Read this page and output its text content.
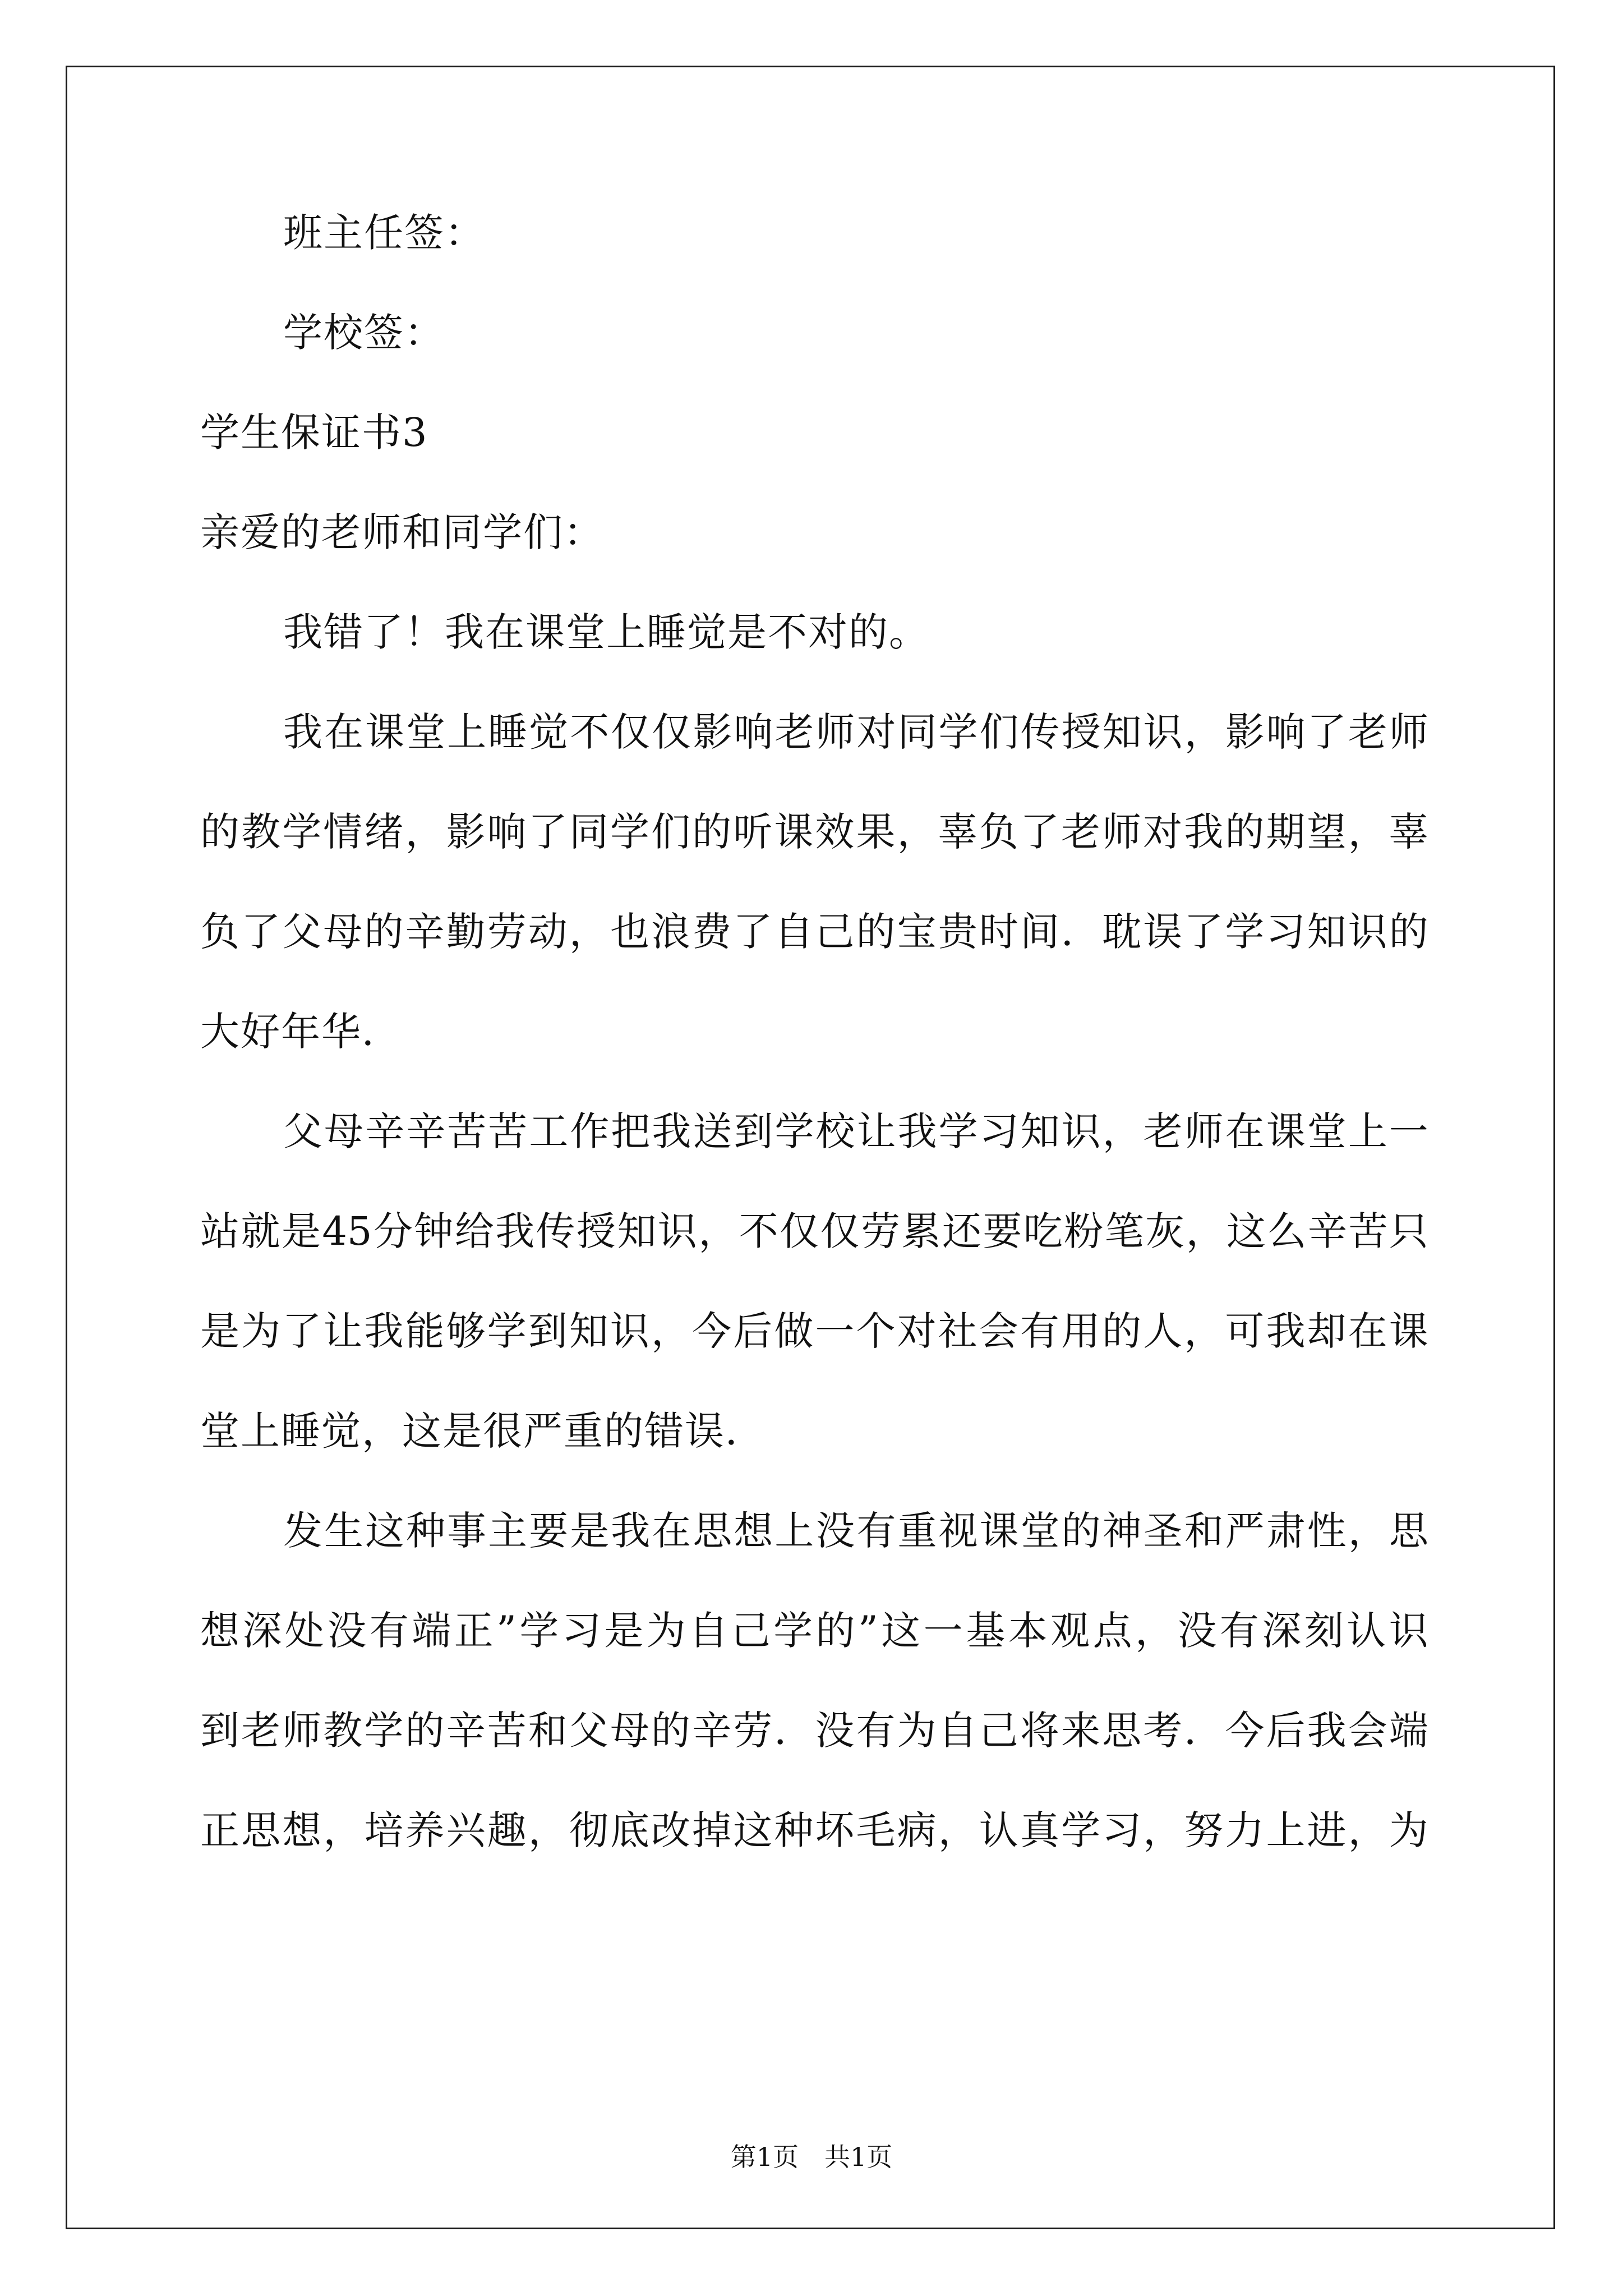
班主任签：
学校签：
学生保证书3
亲爱的老师和同学们：
我错了！我在课堂上睡觉是不对的。
我 在 课 堂 上 睡 觉 不 仅 仅 影 响 老 师 对 同 学 们 传 授 知 识 ， 影 响 了 老 师
的 教 学 情 绪 ， 影 响 了 同 学 们 的 听 课 效 果 ， 辜 负 了 老 师 对 我 的 期 望 ， 辜
负 了 父 母 的 辛 勤 劳 动 ， 也 浪 费 了 自 己 的 宝 贵 时 间 ． 耽 误 了 学 习 知 识 的
大好年华．
父 母 辛 辛 苦 苦 工 作 把 我 送 到 学 校 让 我 学 习 知 识 ， 老 师 在 课 堂 上 一
站 就 是 45 分 钟 给 我 传 授 知 识 ， 不 仅 仅 劳 累 还 要 吃 粉 笔 灰 ， 这 么 辛 苦 只
是 为 了 让 我 能 够 学 到 知 识 ， 今 后 做 一 个 对 社 会 有 用 的 人 ， 可 我 却 在 课
堂上睡觉，这是很严重的错误．
发 生 这 种 事 主 要 是 我 在 思 想 上 没 有 重 视 课 堂 的 神 圣 和 严 肃 性 ， 思
想 深 处 没 有 端 正 ” 学 习 是 为 自 己 学 的 ” 这 一 基 本 观 点 ， 没 有 深 刻 认 识
到 老 师 教 学 的 辛 苦 和 父 母 的 辛 劳 ． 没 有 为 自 己 将 来 思 考 ． 今 后 我 会 端
正 思 想 ， 培 养 兴 趣 ， 彻 底 改 掉 这 种 坏 毛 病 ， 认 真 学 习 ， 努 力 上 进 ， 为
第1页　共1页
